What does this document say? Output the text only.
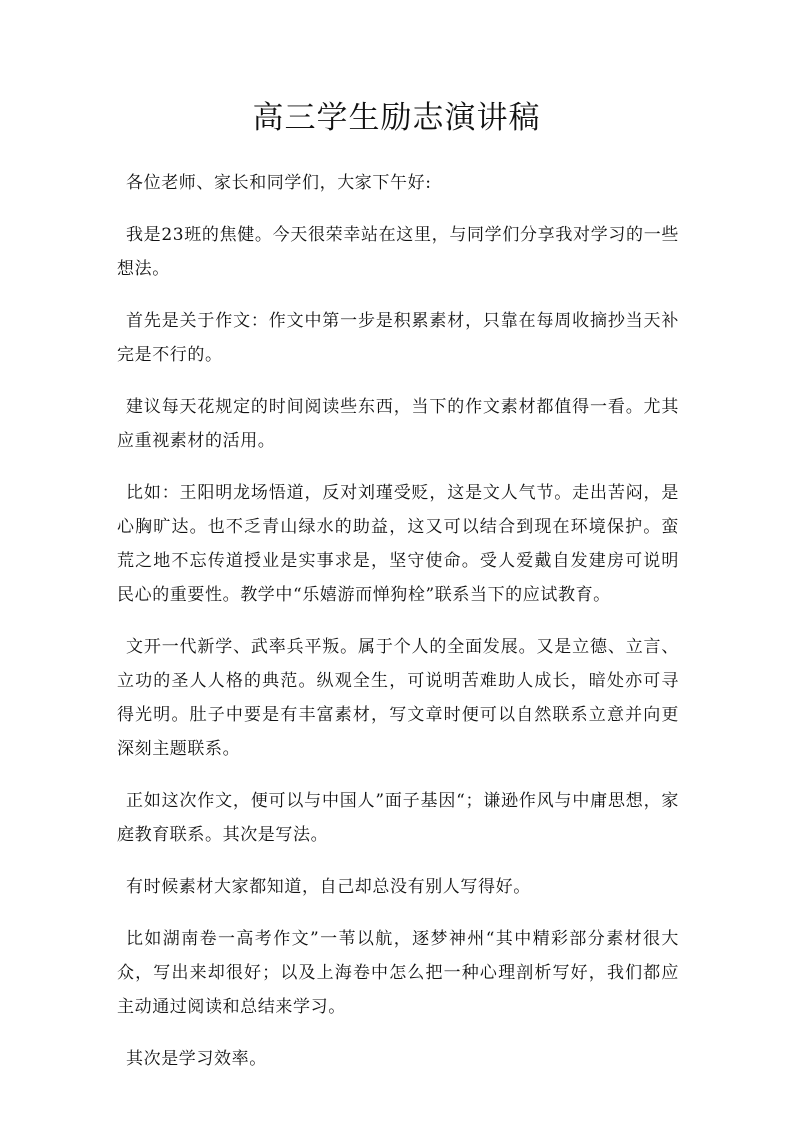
高三学生励志演讲稿

各位老师、家长和同学们，大家下午好:

我是23班的焦健。今天很荣幸站在这里，与同学们分享我对学习的一些想法。

首先是关于作文：作文中第一步是积累素材，只靠在每周收摘抄当天补完是不行的。

建议每天花规定的时间阅读些东西，当下的作文素材都值得一看。尤其应重视素材的活用。

比如：王阳明龙场悟道，反对刘瑾受贬，这是文人气节。走出苦闷，是心胸旷达。也不乏青山绿水的助益，这又可以结合到现在环境保护。蛮荒之地不忘传道授业是实事求是，坚守使命。受人爱戴自发建房可说明民心的重要性。教学中“乐嬉游而惮狗栓”联系当下的应试教育。

文开一代新学、武率兵平叛。属于个人的全面发展。又是立德、立言、立功的圣人人格的典范。纵观全生，可说明苦难助人成长，暗处亦可寻得光明。肚子中要是有丰富素材，写文章时便可以自然联系立意并向更深刻主题联系。

正如这次作文，便可以与中国人”面子基因“；谦逊作风与中庸思想，家庭教育联系。其次是写法。

有时候素材大家都知道，自己却总没有别人写得好。

比如湖南卷一高考作文”一苇以航，逐梦神州“其中精彩部分素材很大众，写出来却很好；以及上海卷中怎么把一种心理剖析写好，我们都应主动通过阅读和总结来学习。

其次是学习效率。
